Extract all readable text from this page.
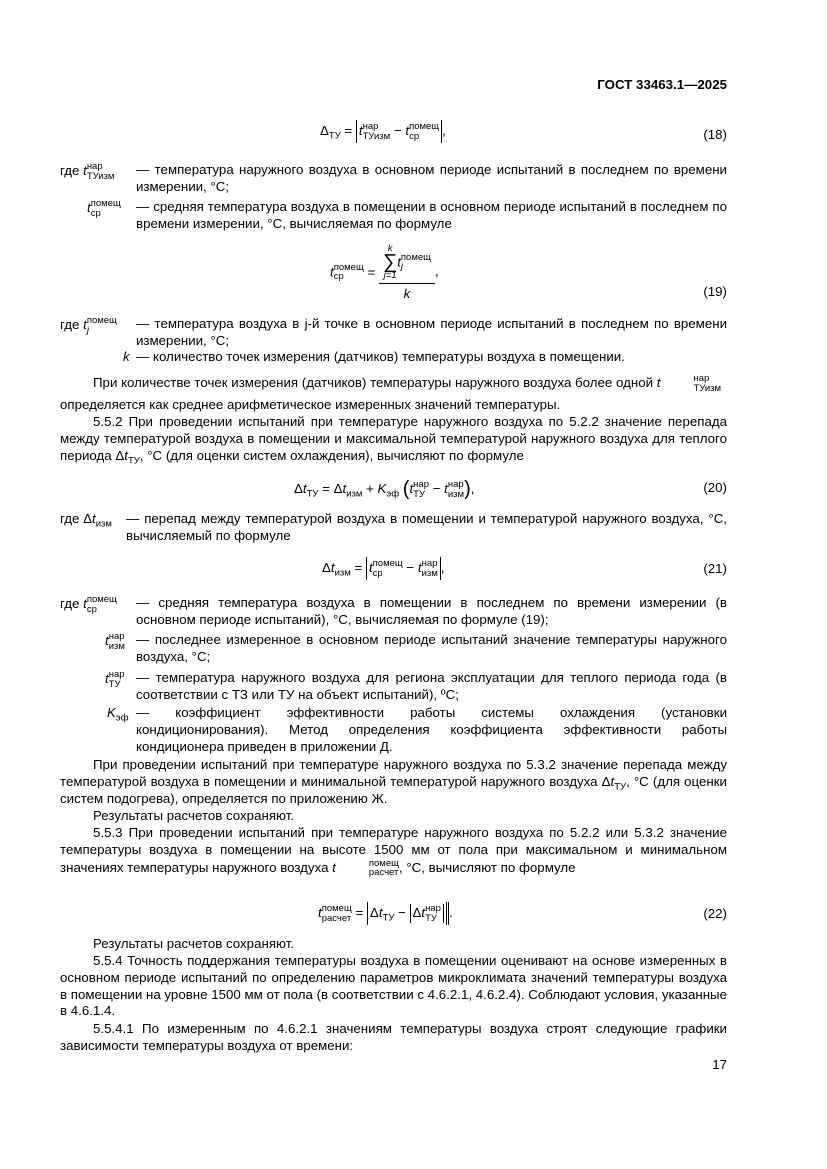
ГОСТ 33463.1—2025
$\Delta_{ТУ} = t$ нар
ТУизм − t помещ
ср	,	(18)
где t нар
ТУизм — температура наружного воздуха в основном периоде испытаний в последнем по времени измерении, °С;
t помещ
ср	— средняя температура воздуха в помещении в основном периоде испытаний в последнем по времени измерении, °С, вычисляемая по формуле
t помещ
ср	= k
∑
j=1
t помещ
j
k ,
(19)
где t помещ
j	— температура воздуха в j-й точке в основном периоде испытаний в последнем по времени измерении, °С;
k — количество точек измерения (датчиков) температуры воздуха в помещении.
При количестве точек измерения (датчиков) температуры наружного воздуха более одной t	нар
ТУизм
определяется как среднее арифметическое измеренных значений температуры.
5.5.2 При проведении испытаний при температуре наружного воздуха по 5.2.2 значение перепада между температурой воздуха в помещении и максимальной температурой наружного воздуха для теплого периода $\Delta t_{ТУ}$, °С (для оценки систем охлаждения), вычисляют по формуле
$\Delta t_{ТУ} = \Delta t_{изм} + K_{эф}$ (t нар
ТУ − t нар
изм ),	(20)
где $\Delta t_{изм}$ — перепад между температурой воздуха в помещении и температурой наружного воздуха, °С, вычисляемый по формуле
$\Delta t_{изм} = t$ помещ
ср	− t нар
изм ,	(21)
где t помещ
ср	— средняя температура воздуха в помещении в последнем по времени измерении (в основном периоде испытаний), °С, вычисляемая по формуле (19);
t нар
изм — последнее измеренное в основном периоде испытаний значение температуры наружного воздуха, °С;
t нар
ТУ — температура наружного воздуха для региона эксплуатации для теплого периода года (в соответствии с ТЗ или ТУ на объект испытаний), ºС;
$K_{эф}$ — коэффициент эффективности работы системы охлаждения (установки кондиционирования). Метод определения коэффициента эффективности работы кондиционера приведен в приложении Д.
При проведении испытаний при температуре наружного воздуха по 5.3.2 значение перепада между температурой воздуха в помещении и минимальной температурой наружного воздуха $\Delta t_{ТУ}$, °С (для оценки систем подогрева), определяется по приложению Ж.
Результаты расчетов сохраняют.
5.5.3 При проведении испытаний при температуре наружного воздуха по 5.2.2 или 5.3.2 значение температуры воздуха в помещении на высоте 1500 мм от пола при максимальном и минимальном значениях температуры наружного воздуха t	помещ
расчет , °С, вычисляют по формуле
t помещ
расчет = $\Delta t_{ТУ} - \Delta t$ нар
ТУ .	(22)
Результаты расчетов сохраняют.
5.5.4 Точность поддержания температуры воздуха в помещении оценивают на основе измеренных в основном периоде испытаний по определению параметров микроклимата значений температуры воздуха в помещении на уровне 1500 мм от пола (в соответствии с 4.6.2.1, 4.6.2.4). Соблюдают условия, указанные в 4.6.1.4.
5.5.4.1 По измеренным по 4.6.2.1 значениям температуры воздуха строят следующие графики зависимости температуры воздуха от времени:
17
